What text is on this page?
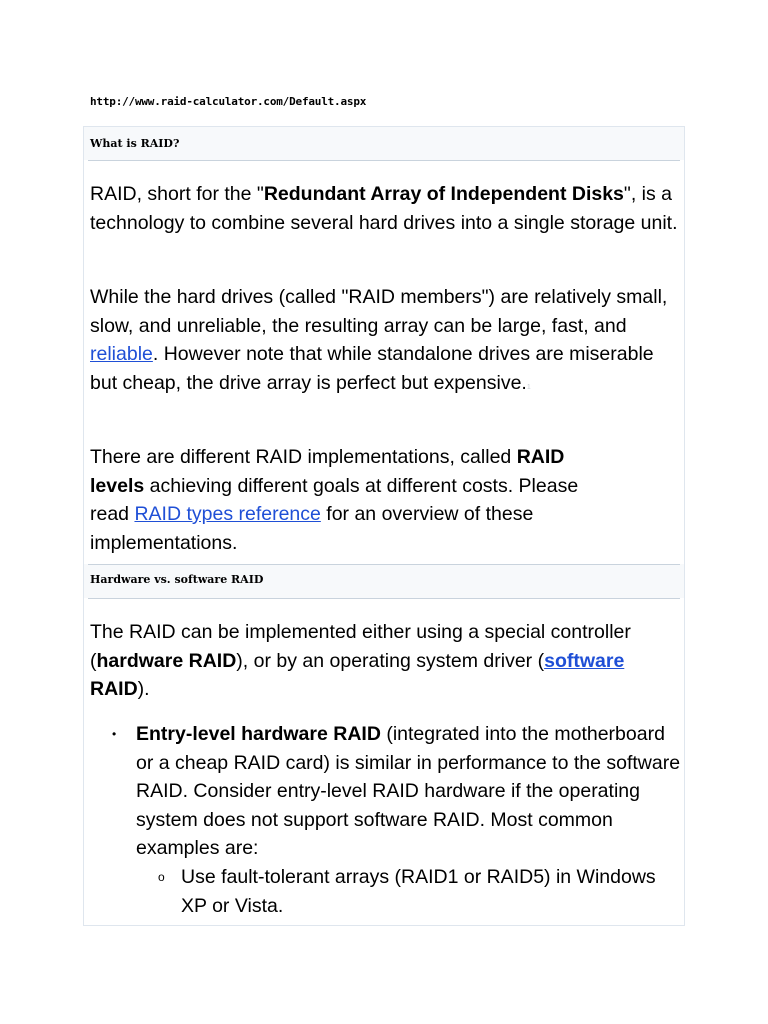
http://www.raid-calculator.com/Default.aspx
What is RAID?

RAID, short for the "Redundant Array of Independent Disks", is a technology to combine several hard drives into a single storage unit.

While the hard drives (called "RAID members") are relatively small, slow, and unreliable, the resulting array can be large, fast, and reliable. However note that while standalone drives are miserable but cheap, the drive array is perfect but expensive.1

There are different RAID implementations, called RAID levels achieving different goals at different costs. Please read RAID types reference for an overview of these implementations.

Hardware vs. software RAID

The RAID can be implemented either using a special controller (hardware RAID), or by an operating system driver (software RAID).

• Entry-level hardware RAID (integrated into the motherboard or a cheap RAID card) is similar in performance to the software RAID. Consider entry-level RAID hardware if the operating system does not support software RAID. Most common examples are:

o Use fault-tolerant arrays (RAID1 or RAID5) in Windows XP or Vista.
